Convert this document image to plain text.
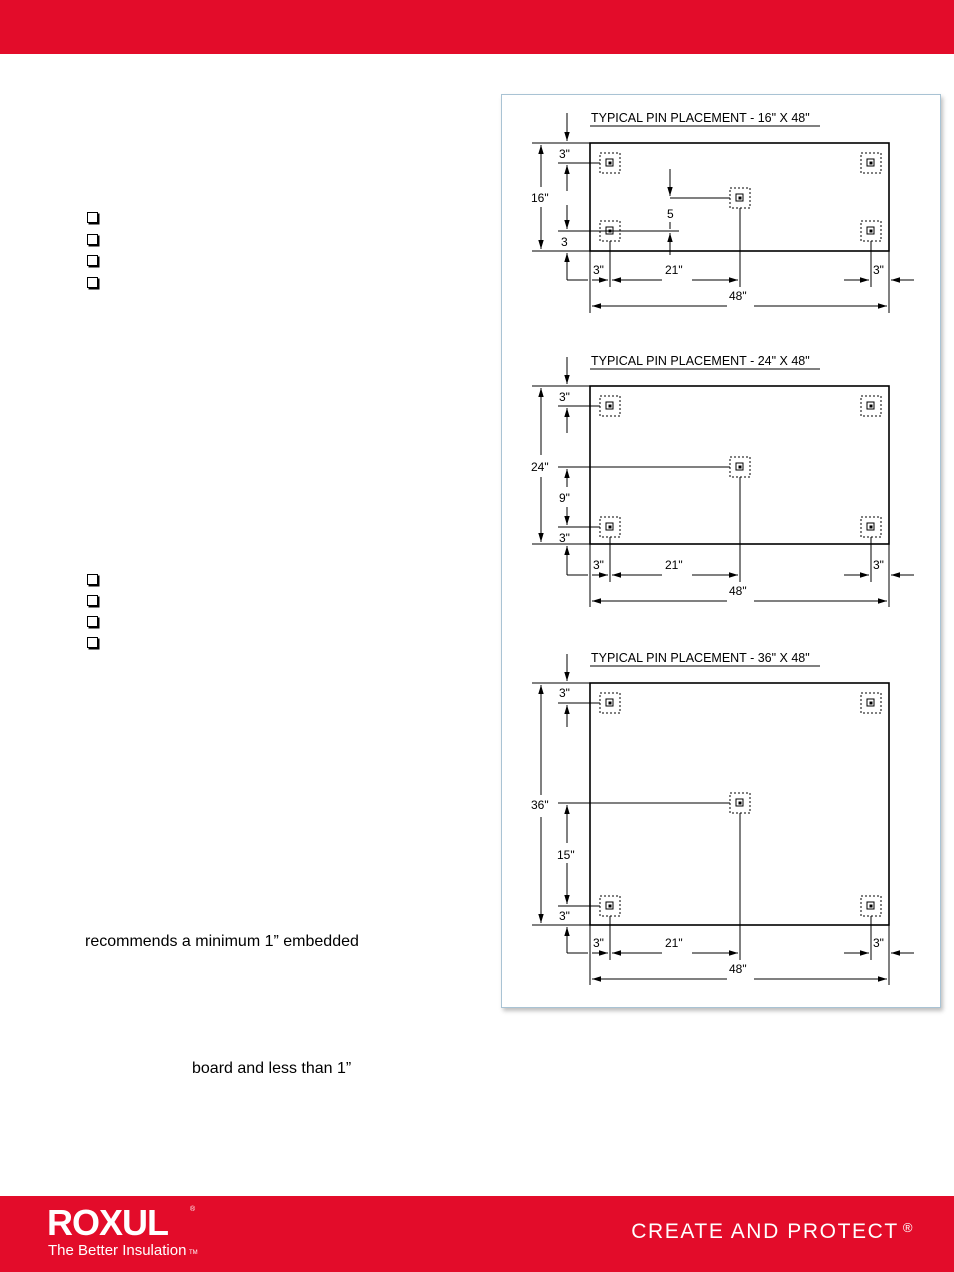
recommends a minimum 1” embedded
board and less than 1”
TYPICAL PIN PLACEMENT - 16" X 48"
16"
3"
5
3
3"	21"	3"
48"
TYPICAL PIN PLACEMENT - 24" X 48"
24"
3"
9"
3"
3"	21"	3"
48"
TYPICAL PIN PLACEMENT - 36" X 48"
36"
3"
15"
3"
3"	21"	3"
48"
ROXUL	®
The Better Insulation TM
CREATE AND PROTECT ®
